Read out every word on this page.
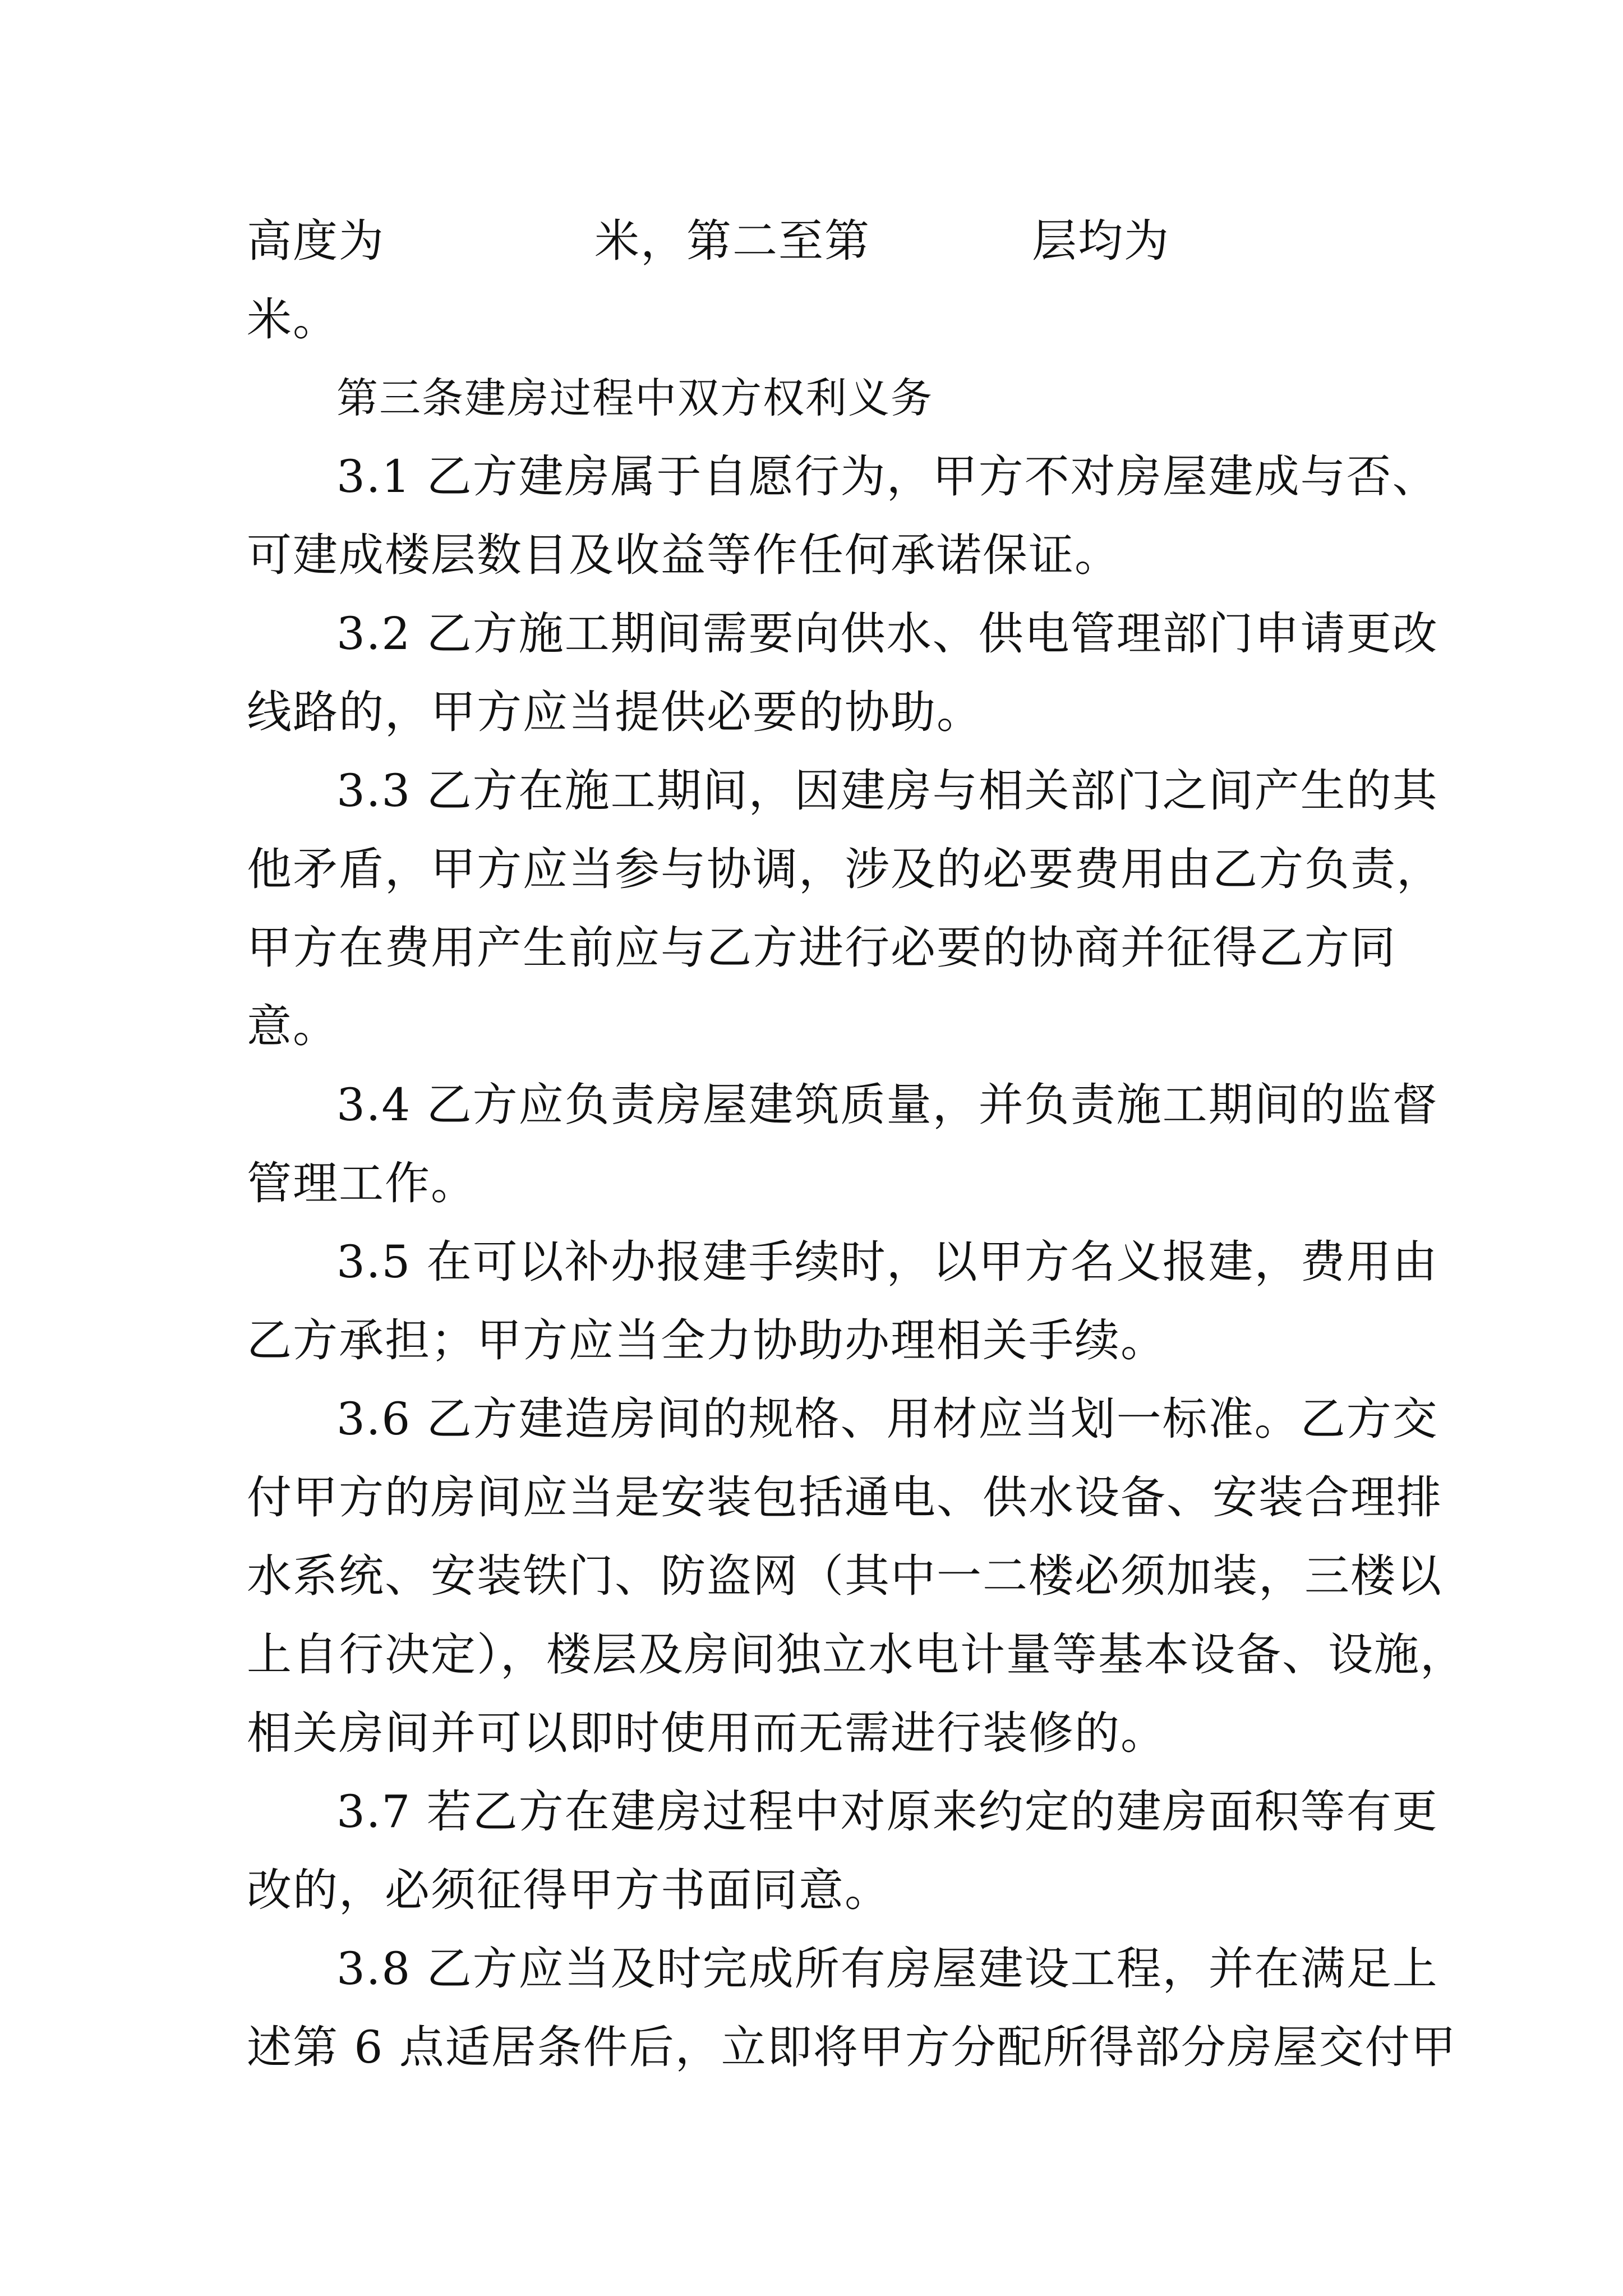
高度为	米，第二至第	层均为
米。
第三条建房过程中双方权利义务
3.1 乙方建房属于自愿行为，甲方不对房屋建成与否、
可建成楼层数目及收益等作任何承诺保证。
3.2 乙方施工期间需要向供水、供电管理部门申请更改
线路的，甲方应当提供必要的协助。
3.3 乙方在施工期间，因建房与相关部门之间产生的其
他矛盾，甲方应当参与协调，涉及的必要费用由乙方负责，
甲方在费用产生前应与乙方进行必要的协商并征得乙方同
意。
3.4 乙方应负责房屋建筑质量，并负责施工期间的监督
管理工作。
3.5 在可以补办报建手续时，以甲方名义报建，费用由
乙方承担；甲方应当全力协助办理相关手续。
3.6 乙方建造房间的规格、用材应当划一标准。乙方交
付甲方的房间应当是安装包括通电、供水设备、安装合理排
水系统、安装铁门、防盗网（其中一二楼必须加装，三楼以
上自行决定），楼层及房间独立水电计量等基本设备、设施，
相关房间并可以即时使用而无需进行装修的。
3.7 若乙方在建房过程中对原来约定的建房面积等有更
改的，必须征得甲方书面同意。
3.8 乙方应当及时完成所有房屋建设工程，并在满足上
述第 6 点适居条件后，立即将甲方分配所得部分房屋交付甲
